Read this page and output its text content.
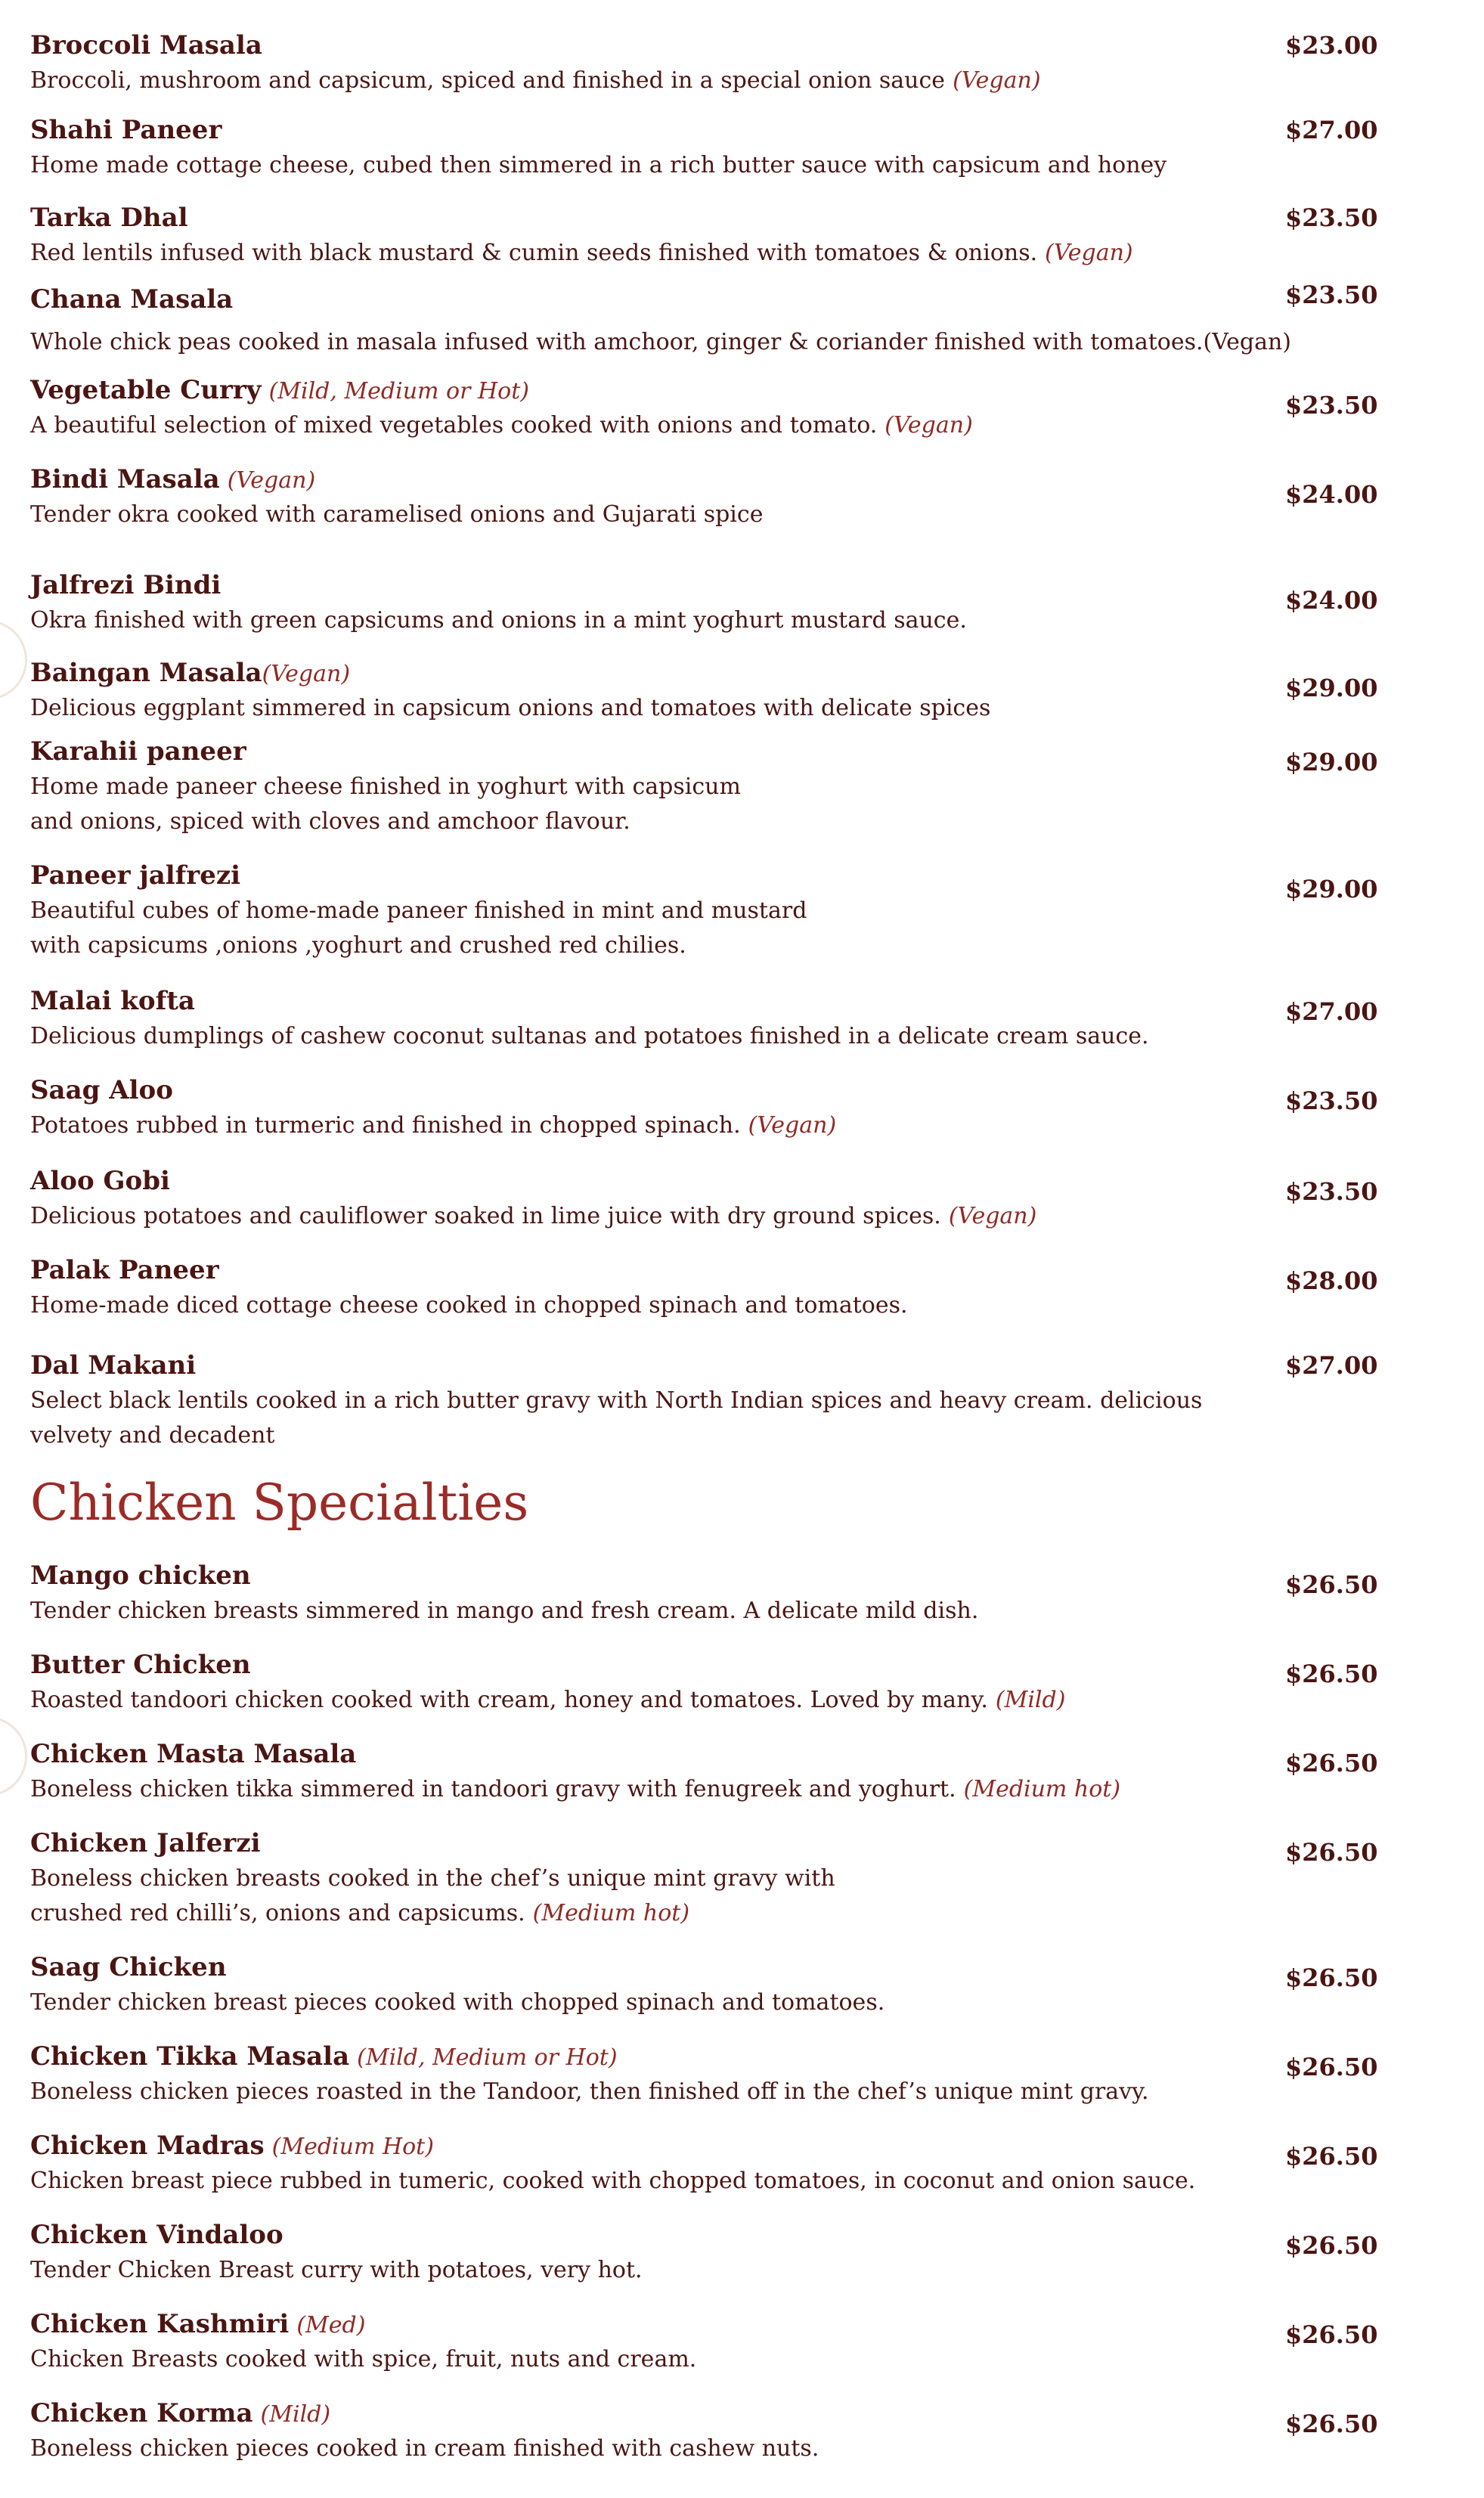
Chicken Specialties
Broccoli Masala	$23.00
Broccoli, mushroom and capsicum, spiced and finished in a special onion sauce (Vegan)
Shahi Paneer	$27.00
Home made cottage cheese, cubed then simmered in a rich butter sauce with capsicum and honey
Tarka Dhal	$23.50
Red lentils infused with black mustard & cumin seeds finished with tomatoes & onions. (Vegan)
Chana Masala	$23.50
Whole chick peas cooked in masala infused with amchoor, ginger & coriander finished with tomatoes.(Vegan)
Vegetable Curry (Mild, Medium or Hot)	$23.50
A beautiful selection of mixed vegetables cooked with onions and tomato. (Vegan)
Bindi Masala (Vegan)	$24.00
Tender okra cooked with caramelised onions and Gujarati spice
Jalfrezi Bindi	$24.00
Okra finished with green capsicums and onions in a mint yoghurt mustard sauce.
Baingan Masala(Vegan)	$29.00
Delicious eggplant simmered in capsicum onions and tomatoes with delicate spices
Karahii paneer	$29.00
Home made paneer cheese finished in yoghurt with capsicum
and onions, spiced with cloves and amchoor flavour.
Paneer jalfrezi	$29.00
Beautiful cubes of home-made paneer finished in mint and mustard
with capsicums ,onions ,yoghurt and crushed red chilies.
Malai kofta	$27.00
Delicious dumplings of cashew coconut sultanas and potatoes finished in a delicate cream sauce.
Saag Aloo	$23.50
Potatoes rubbed in turmeric and finished in chopped spinach. (Vegan)
Aloo Gobi	$23.50
Delicious potatoes and cauliflower soaked in lime juice with dry ground spices. (Vegan)
Palak Paneer	$28.00
Home-made diced cottage cheese cooked in chopped spinach and tomatoes.
Dal Makani	$27.00
Select black lentils cooked in a rich butter gravy with North Indian spices and heavy cream. delicious
velvety and decadent
Mango chicken	$26.50
Tender chicken breasts simmered in mango and fresh cream. A delicate mild dish.
Butter Chicken	$26.50
Roasted tandoori chicken cooked with cream, honey and tomatoes. Loved by many. (Mild)
Chicken Masta Masala	$26.50
Boneless chicken tikka simmered in tandoori gravy with fenugreek and yoghurt. (Medium hot)
Chicken Jalferzi	$26.50
Boneless chicken breasts cooked in the chef’s unique mint gravy with
crushed red chilli’s, onions and capsicums. (Medium hot)
Saag Chicken	$26.50
Tender chicken breast pieces cooked with chopped spinach and tomatoes.
Chicken Tikka Masala (Mild, Medium or Hot)	$26.50
Boneless chicken pieces roasted in the Tandoor, then finished off in the chef’s unique mint gravy.
Chicken Madras (Medium Hot)	$26.50
Chicken breast piece rubbed in tumeric, cooked with chopped tomatoes, in coconut and onion sauce.
Chicken Vindaloo	$26.50
Tender Chicken Breast curry with potatoes, very hot.
Chicken Kashmiri (Med)	$26.50
Chicken Breasts cooked with spice, fruit, nuts and cream.
Chicken Korma (Mild)	$26.50
Boneless chicken pieces cooked in cream finished with cashew nuts.
